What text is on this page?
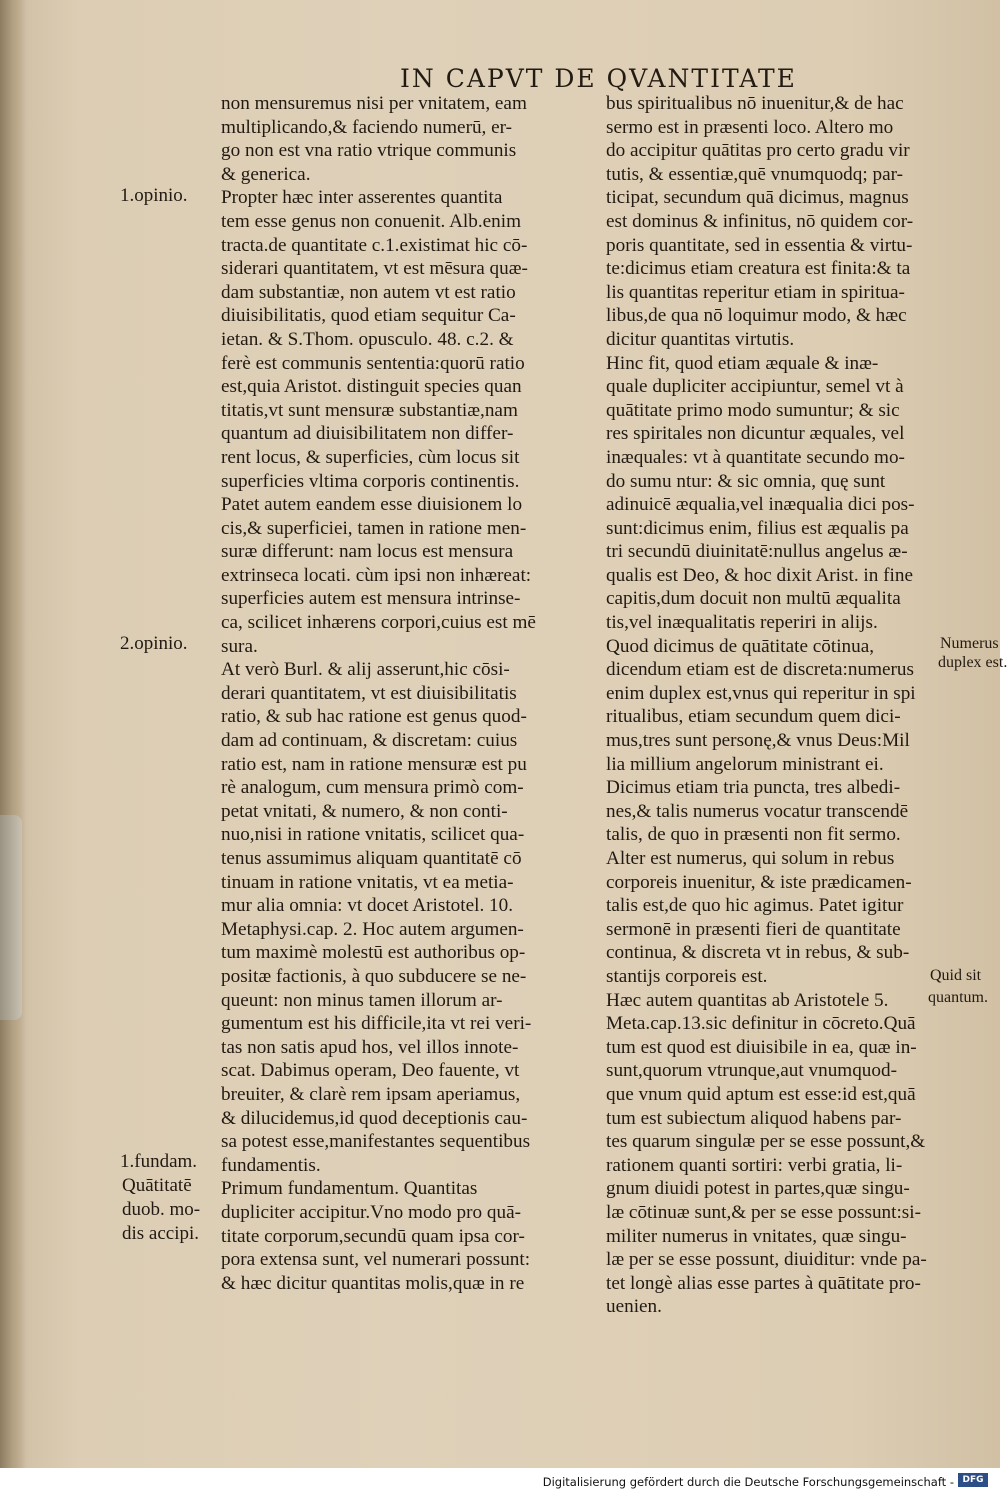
IN CAPVT DE QVANTITATE
non mensuremus nisi per vnitatem, eam
multiplicando,& faciendo numerū, er-
go non est vna ratio vtrique communis
& generica.
Propter hæc inter asserentes quantita
tem esse genus non conuenit. Alb.enim
tracta.de quantitate c.1.existimat hic cō-
siderari quantitatem, vt est mēsura quæ-
dam substantiæ, non autem vt est ratio
diuisibilitatis, quod etiam sequitur Ca-
ietan. & S.Thom. opusculo. 48. c.2. &
ferè est communis sententia:quorū ratio
est,quia Aristot. distinguit species quan
titatis,vt sunt mensuræ substantiæ,nam
quantum ad diuisibilitatem non differ-
rent locus, & superficies, cùm locus sit
superficies vltima corporis continentis.
Patet autem eandem esse diuisionem lo
cis,& superficiei, tamen in ratione men-
suræ differunt: nam locus est mensura
extrinseca locati. cùm ipsi non inhæreat:
superficies autem est mensura intrinse-
ca, scilicet inhærens corpori,cuius est mē
sura.
At verò Burl. & alij asserunt,hic cōsi-
derari quantitatem, vt est diuisibilitatis
ratio, & sub hac ratione est genus quod-
dam ad continuam, & discretam: cuius
ratio est, nam in ratione mensuræ est pu
rè analogum, cum mensura primò com-
petat vnitati, & numero, & non conti-
nuo,nisi in ratione vnitatis, scilicet qua-
tenus assumimus aliquam quantitatē cō
tinuam in ratione vnitatis, vt ea metia-
mur alia omnia: vt docet Aristotel. 10.
Metaphysi.cap. 2. Hoc autem argumen-
tum maximè molestū est authoribus op-
positæ factionis, à quo subducere se ne-
queunt: non minus tamen illorum ar-
gumentum est his difficile,ita vt rei veri-
tas non satis apud hos, vel illos innote-
scat. Dabimus operam, Deo fauente, vt
breuiter, & clarè rem ipsam aperiamus,
& dilucidemus,id quod deceptionis cau-
sa potest esse,manifestantes sequentibus
fundamentis.
Primum fundamentum. Quantitas
dupliciter accipitur.Vno modo pro quā-
titate corporum,secundū quam ipsa cor-
pora extensa sunt, vel numerari possunt:
& hæc dicitur quantitas molis,quæ in re
bus spiritualibus nō inuenitur,& de hac
sermo est in præsenti loco. Altero mo
do accipitur quātitas pro certo gradu vir
tutis, & essentiæ,quē vnumquodq; par-
ticipat, secundum quā dicimus, magnus
est dominus & infinitus, nō quidem cor-
poris quantitate, sed in essentia & virtu-
te:dicimus etiam creatura est finita:& ta
lis quantitas reperitur etiam in spiritua-
libus,de qua nō loquimur modo, & hæc
dicitur quantitas virtutis.
Hinc fit, quod etiam æquale & inæ-
quale dupliciter accipiuntur, semel vt à
quātitate primo modo sumuntur; & sic
res spiritales non dicuntur æquales, vel
inæquales: vt à quantitate secundo mo-
do sumu ntur: & sic omnia, quę sunt
adinuicē æqualia,vel inæqualia dici pos-
sunt:dicimus enim, filius est æqualis pa
tri secundū diuinitatē:nullus angelus æ-
qualis est Deo, & hoc dixit Arist. in fine
capitis,dum docuit non multū æqualita
tis,vel inæqualitatis reperiri in alijs.
Quod dicimus de quātitate cōtinua,
dicendum etiam est de discreta:numerus
enim duplex est,vnus qui reperitur in spi
ritualibus, etiam secundum quem dici-
mus,tres sunt personę,& vnus Deus:Mil
lia millium angelorum ministrant ei.
Dicimus etiam tria puncta, tres albedi-
nes,& talis numerus vocatur transcendē
talis, de quo in præsenti non fit sermo.
Alter est numerus, qui solum in rebus
corporeis inuenitur, & iste prædicamen-
talis est,de quo hic agimus. Patet igitur
sermonē in præsenti fieri de quantitate
continua, & discreta vt in rebus, & sub-
stantijs corporeis est.
Hæc autem quantitas ab Aristotele 5.
Meta.cap.13.sic definitur in cōcreto.Quā
tum est quod est diuisibile in ea, quæ in-
sunt,quorum vtrunque,aut vnumquod-
que vnum quid aptum est esse:id est,quā
tum est subiectum aliquod habens par-
tes quarum singulæ per se esse possunt,&
rationem quanti sortiri: verbi gratia, li-
gnum diuidi potest in partes,quæ singu-
læ cōtinuæ sunt,& per se esse possunt:si-
militer numerus in vnitates, quæ singu-
læ per se esse possunt, diuiditur: vnde pa-
tet longè alias esse partes à quātitate pro-
uenien.
1.opinio.
2.opinio.
1.fundam.
Quātitatē
duob. mo-
dis accipi.
Numerus
duplex est.
Quid sit
quantum.
Digitalisierung gefördert durch die Deutsche Forschungsgemeinschaft - DFG
